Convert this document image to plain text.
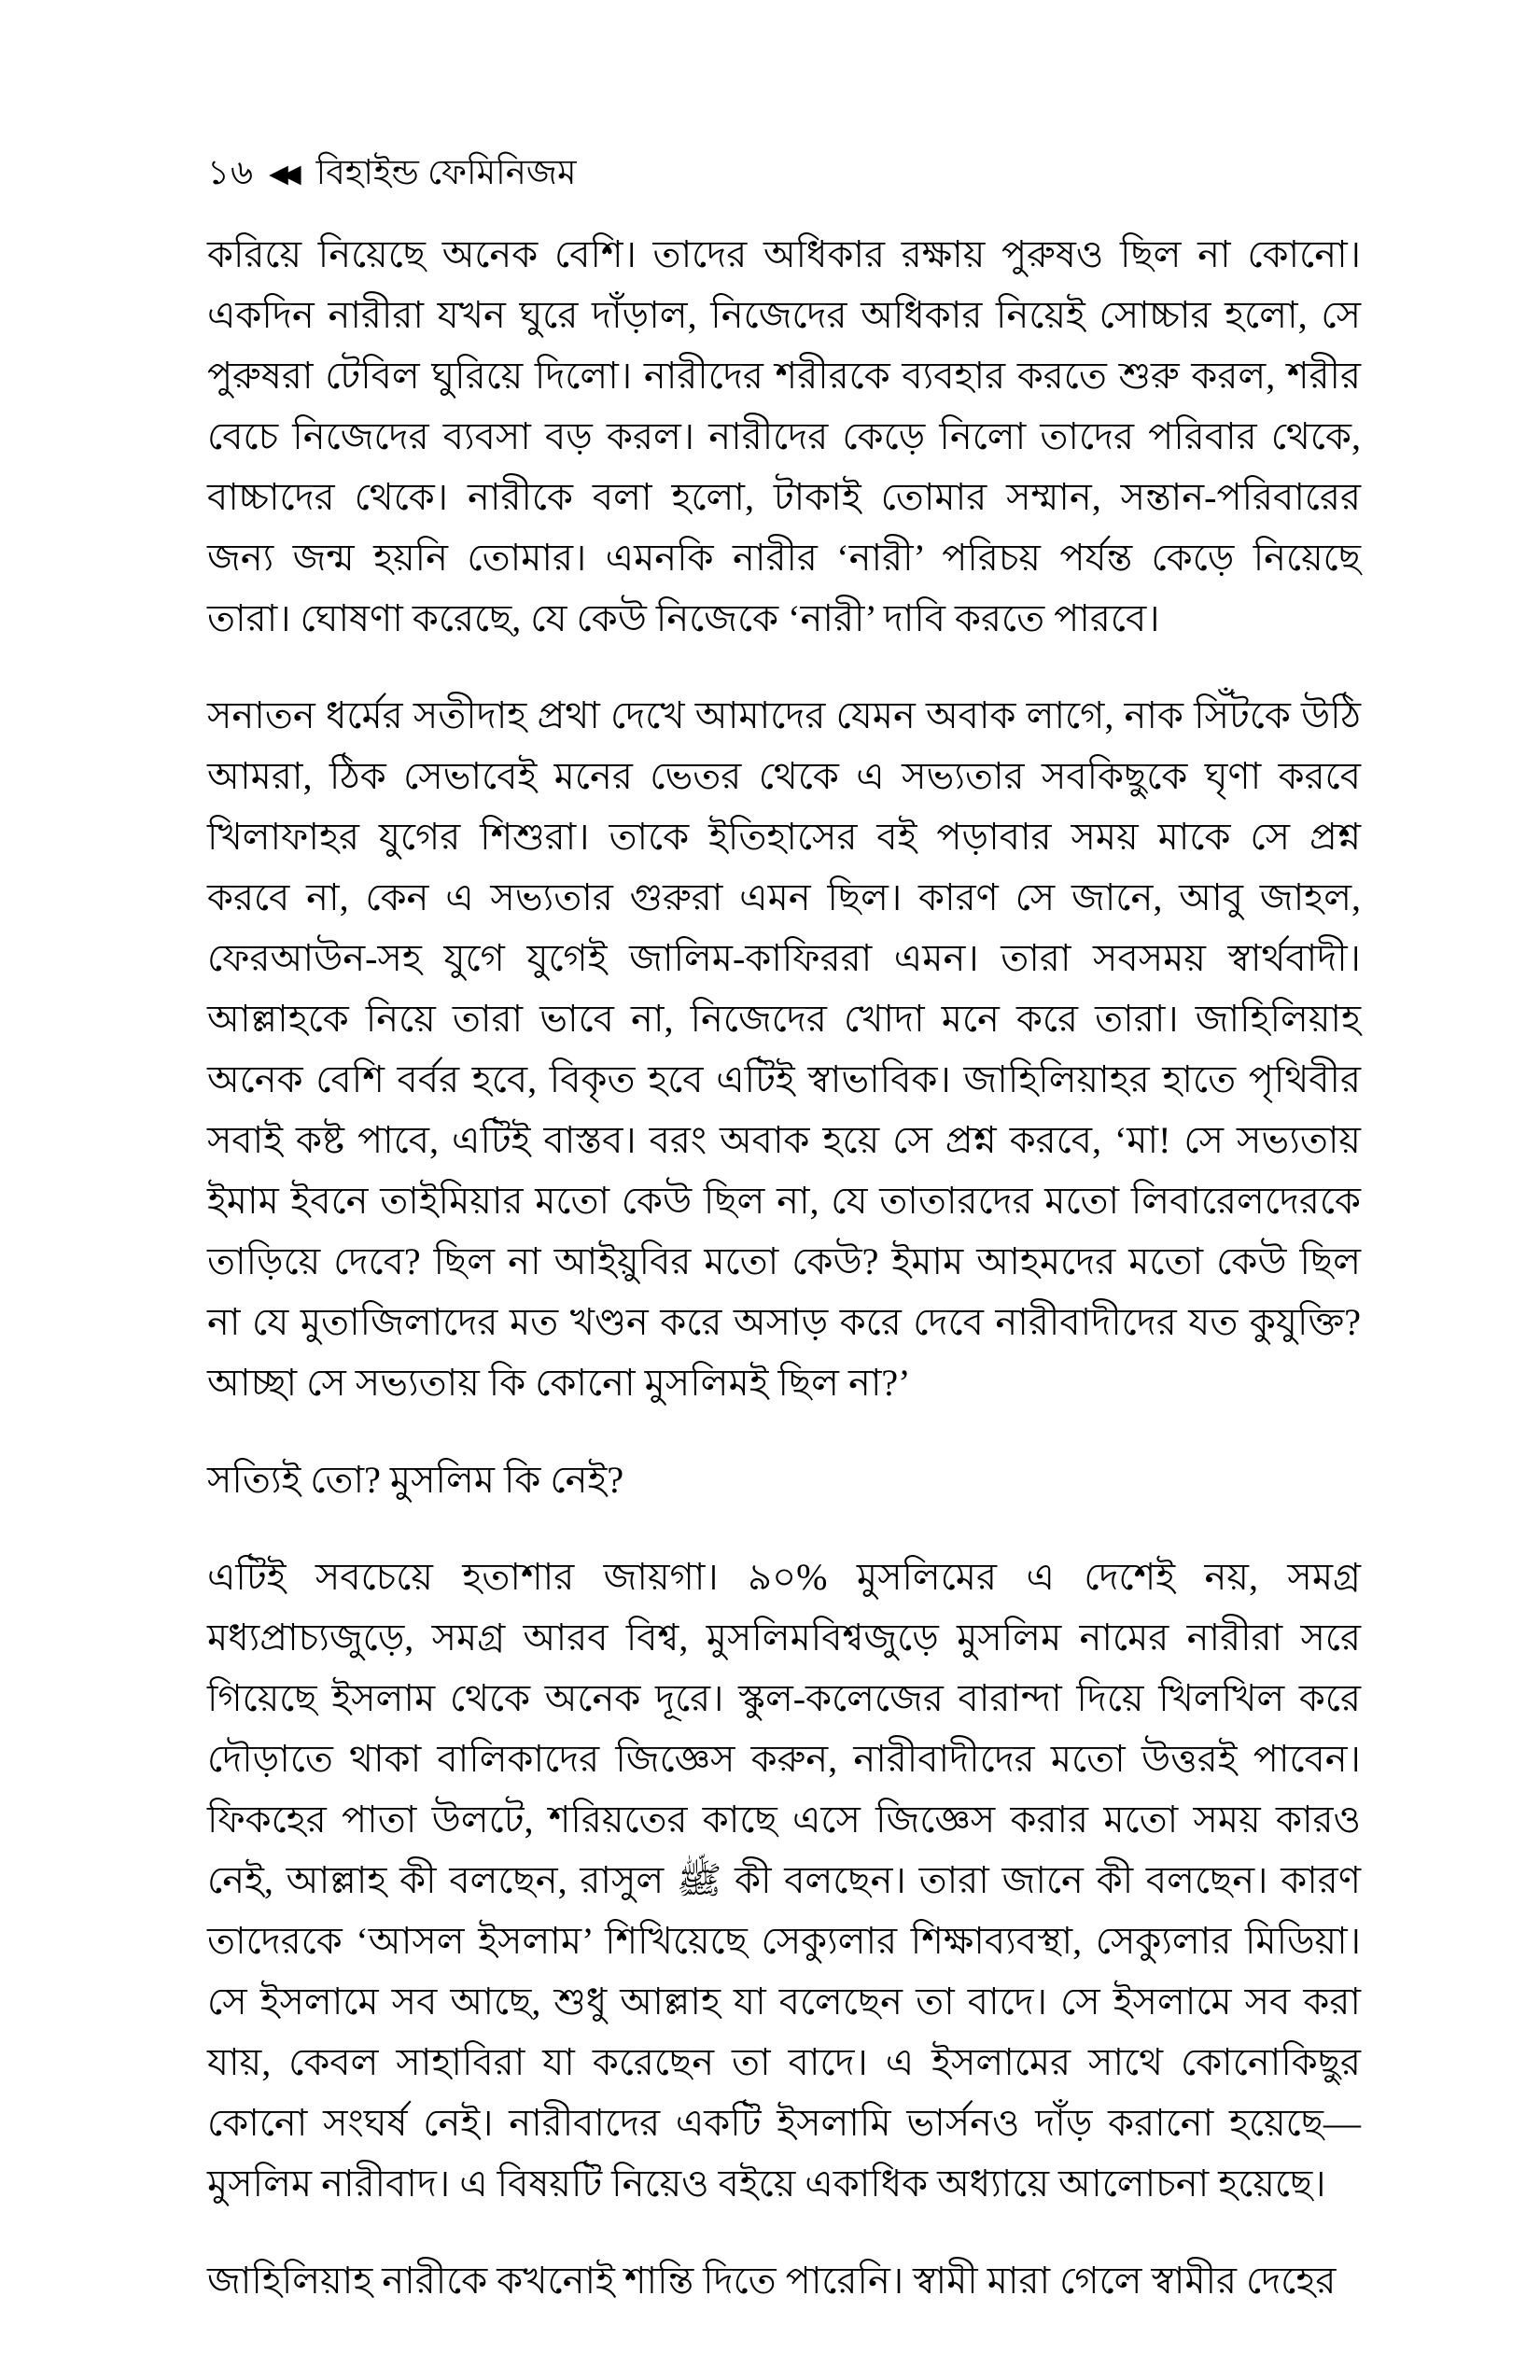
১৬ ◀◀ বিহাইন্ড ফেমিনিজম

করিয়ে নিয়েছে অনেক বেশি। তাদের অধিকার রক্ষায় পুরুষও ছিল না কোনো।
একদিন নারীরা যখন ঘুরে দাঁড়াল, নিজেদের অধিকার নিয়েই সোচ্চার হলো, সে
পুরুষরা টেবিল ঘুরিয়ে দিলো। নারীদের শরীরকে ব্যবহার করতে শুরু করল, শরীর
বেচে নিজেদের ব্যবসা বড় করল। নারীদের কেড়ে নিলো তাদের পরিবার থেকে,
বাচ্চাদের থেকে। নারীকে বলা হলো, টাকাই তোমার সম্মান, সন্তান-পরিবারের
জন্য জন্ম হয়নি তোমার। এমনকি নারীর ‘নারী’ পরিচয় পর্যন্ত কেড়ে নিয়েছে
তারা। ঘোষণা করেছে, যে কেউ নিজেকে ‘নারী’ দাবি করতে পারবে।

সনাতন ধর্মের সতীদাহ প্রথা দেখে আমাদের যেমন অবাক লাগে, নাক সিঁটকে উঠি
আমরা, ঠিক সেভাবেই মনের ভেতর থেকে এ সভ্যতার সবকিছুকে ঘৃণা করবে
খিলাফাহর যুগের শিশুরা। তাকে ইতিহাসের বই পড়াবার সময় মাকে সে প্রশ্ন
করবে না, কেন এ সভ্যতার গুরুরা এমন ছিল। কারণ সে জানে, আবু জাহল,
ফেরআউন-সহ যুগে যুগেই জালিম-কাফিররা এমন। তারা সবসময় স্বার্থবাদী।
আল্লাহকে নিয়ে তারা ভাবে না, নিজেদের খোদা মনে করে তারা। জাহিলিয়াহ
অনেক বেশি বর্বর হবে, বিকৃত হবে এটিই স্বাভাবিক। জাহিলিয়াহর হাতে পৃথিবীর
সবাই কষ্ট পাবে, এটিই বাস্তব। বরং অবাক হয়ে সে প্রশ্ন করবে, ‘মা! সে সভ্যতায়
ইমাম ইবনে তাইমিয়ার মতো কেউ ছিল না, যে তাতারদের মতো লিবারেলদেরকে
তাড়িয়ে দেবে? ছিল না আইয়ুবির মতো কেউ? ইমাম আহমদের মতো কেউ ছিল
না যে মুতাজিলাদের মত খণ্ডন করে অসাড় করে দেবে নারীবাদীদের যত কুযুক্তি?
আচ্ছা সে সভ্যতায় কি কোনো মুসলিমই ছিল না?’

সত্যিই তো? মুসলিম কি নেই?

এটিই সবচেয়ে হতাশার জায়গা। ৯০% মুসলিমের এ দেশেই নয়, সমগ্র
মধ্যপ্রাচ্যজুড়ে, সমগ্র আরব বিশ্ব, মুসলিমবিশ্বজুড়ে মুসলিম নামের নারীরা সরে
গিয়েছে ইসলাম থেকে অনেক দূরে। স্কুল-কলেজের বারান্দা দিয়ে খিলখিল করে
দৌড়াতে থাকা বালিকাদের জিজ্ঞেস করুন, নারীবাদীদের মতো উত্তরই পাবেন।
ফিকহের পাতা উলটে, শরিয়তের কাছে এসে জিজ্ঞেস করার মতো সময় কারও
নেই, আল্লাহ কী বলছেন, রাসুল ﷺ কী বলছেন। তারা জানে কী বলছেন। কারণ
তাদেরকে ‘আসল ইসলাম’ শিখিয়েছে সেক্যুলার শিক্ষাব্যবস্থা, সেক্যুলার মিডিয়া।
সে ইসলামে সব আছে, শুধু আল্লাহ যা বলেছেন তা বাদে। সে ইসলামে সব করা
যায়, কেবল সাহাবিরা যা করেছেন তা বাদে। এ ইসলামের সাথে কোনোকিছুর
কোনো সংঘর্ষ নেই। নারীবাদের একটি ইসলামি ভার্সনও দাঁড় করানো হয়েছে—
মুসলিম নারীবাদ। এ বিষয়টি নিয়েও বইয়ে একাধিক অধ্যায়ে আলোচনা হয়েছে।

জাহিলিয়াহ নারীকে কখনোই শান্তি দিতে পারেনি। স্বামী মারা গেলে স্বামীর দেহের
